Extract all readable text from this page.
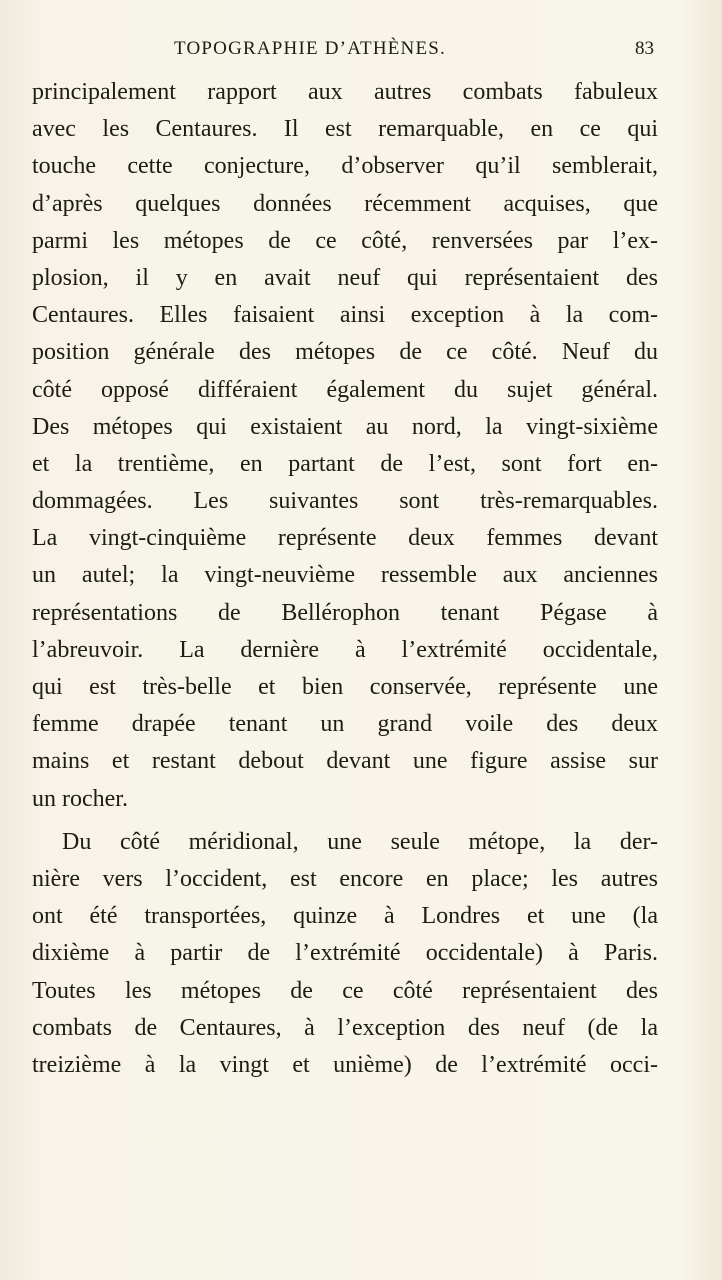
TOPOGRAPHIE D’ATHÈNES.	83
principalement rapport aux autres combats fabuleux
avec les Centaures. Il est remarquable, en ce qui
touche cette conjecture, d’observer qu’il semblerait,
d’après quelques données récemment acquises, que
parmi les métopes de ce côté, renversées par l’ex-
plosion, il y en avait neuf qui représentaient des
Centaures. Elles faisaient ainsi exception à la com-
position générale des métopes de ce côté. Neuf du
côté opposé différaient également du sujet général.
Des métopes qui existaient au nord, la vingt-sixième
et la trentième, en partant de l’est, sont fort en-
dommagées. Les suivantes sont très-remarquables.
La vingt-cinquième représente deux femmes devant
un autel; la vingt-neuvième ressemble aux anciennes
représentations de Bellérophon tenant Pégase à
l’abreuvoir. La dernière à l’extrémité occidentale,
qui est très-belle et bien conservée, représente une
femme drapée tenant un grand voile des deux
mains et restant debout devant une figure assise sur
un rocher.
Du côté méridional, une seule métope, la der-
nière vers l’occident, est encore en place; les autres
ont été transportées, quinze à Londres et une (la
dixième à partir de l’extrémité occidentale) à Paris.
Toutes les métopes de ce côté représentaient des
combats de Centaures, à l’exception des neuf (de la
treizième à la vingt et unième) de l’extrémité occi-
